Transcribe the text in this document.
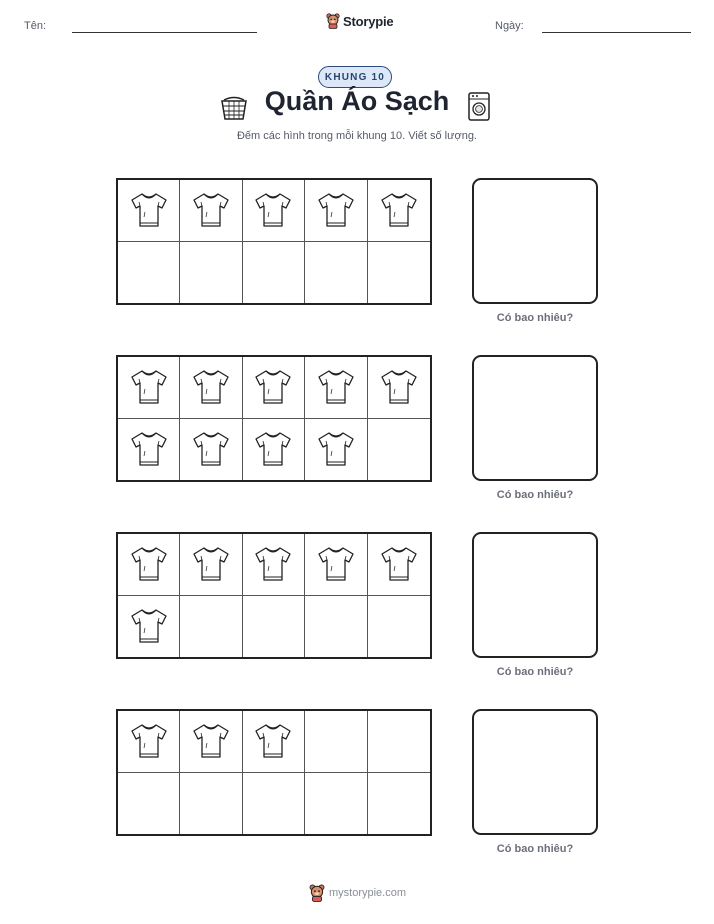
Tên:	Storypie	Ngày:
KHUNG 10
Quần Áo Sạch
Đếm các hình trong mỗi khung 10. Viết số lượng.
Có bao nhiêu?
Có bao nhiêu?
Có bao nhiêu?
Có bao nhiêu?
mystorypie.com
